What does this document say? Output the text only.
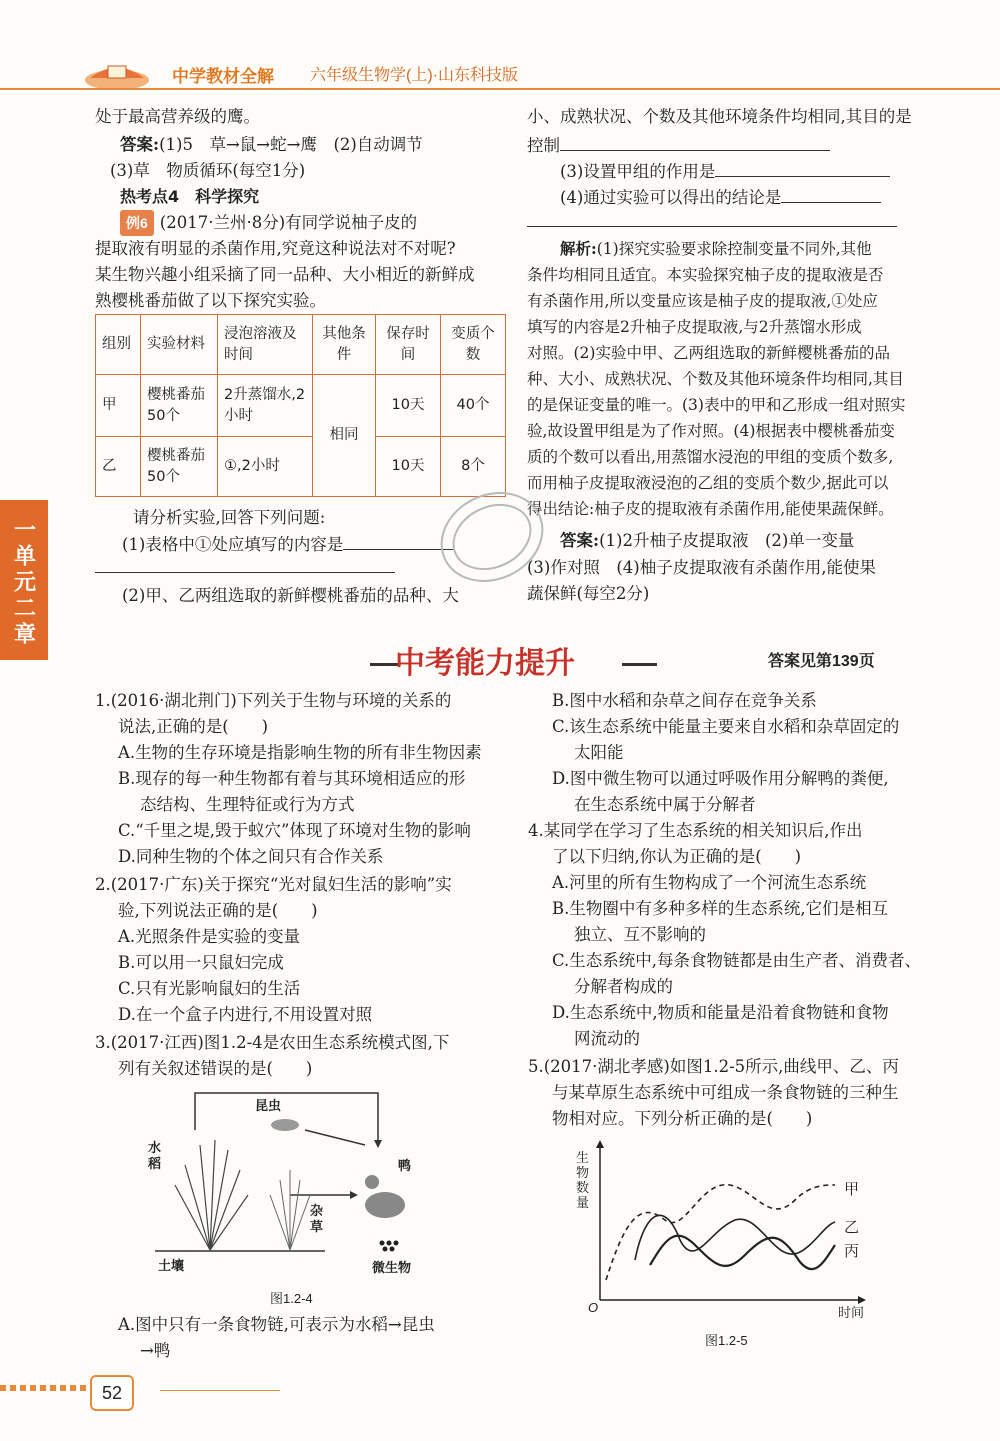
中学教材全解 六年级生物学(上)·山东科技版
处于最高营养级的鹰。
答案:(1)5　草→鼠→蛇→鹰　(2)自动调节
(3)草　物质循环(每空1分)
热考点4　科学探究
例6 (2017·兰州·8分)有同学说柚子皮的
提取液有明显的杀菌作用,究竟这种说法对不对呢?
某生物兴趣小组采摘了同一品种、大小相近的新鲜成
熟樱桃番茄做了以下探究实验。
组别	实验材料	浸泡溶液及时间	其他条件	保存时间	变质个数
甲	樱桃番茄50个	2升蒸馏水,2小时	相同	10天	40个
乙	樱桃番茄50个	①,2小时		10天	8个
请分析实验,回答下列问题:
(1)表格中①处应填写的内容是
(2)甲、乙两组选取的新鲜樱桃番茄的品种、大
小、成熟状况、个数及其他环境条件均相同,其目的是
控制
(3)设置甲组的作用是
(4)通过实验可以得出的结论是
解析:(1)探究实验要求除控制变量不同外,其他
条件均相同且适宜。本实验探究柚子皮的提取液是否
有杀菌作用,所以变量应该是柚子皮的提取液,①处应
填写的内容是2升柚子皮提取液,与2升蒸馏水形成
对照。(2)实验中甲、乙两组选取的新鲜樱桃番茄的品
种、大小、成熟状况、个数及其他环境条件均相同,其目
的是保证变量的唯一。(3)表中的甲和乙形成一组对照实
验,故设置甲组是为了作对照。(4)根据表中樱桃番茄变
质的个数可以看出,用蒸馏水浸泡的甲组的变质个数多,
而用柚子皮提取液浸泡的乙组的变质个数少,据此可以
得出结论:柚子皮的提取液有杀菌作用,能使果蔬保鲜。
答案:(1)2升柚子皮提取液　(2)单一变量
(3)作对照　(4)柚子皮提取液有杀菌作用,能使果
蔬保鲜(每空2分)
一单元二章
中考能力提升	答案见第139页
1.(2016·湖北荆门)下列关于生物与环境的关系的
说法,正确的是(　　)
A.生物的生存环境是指影响生物的所有非生物因素
B.现存的每一种生物都有着与其环境相适应的形
态结构、生理特征或行为方式
C.“千里之堤,毁于蚁穴”体现了环境对生物的影响
D.同种生物的个体之间只有合作关系
2.(2017·广东)关于探究“光对鼠妇生活的影响”实
验,下列说法正确的是(　　)
A.光照条件是实验的变量
B.可以用一只鼠妇完成
C.只有光影响鼠妇的生活
D.在一个盒子内进行,不用设置对照
3.(2017·江西)图1.2-4是农田生态系统模式图,下
列有关叙述错误的是(　　)
昆虫
水稻	鸭
杂草
土壤	微生物
图1.2-4
A.图中只有一条食物链,可表示为水稻→昆虫
→鸭
B.图中水稻和杂草之间存在竞争关系
C.该生态系统中能量主要来自水稻和杂草固定的
太阳能
D.图中微生物可以通过呼吸作用分解鸭的粪便,
在生态系统中属于分解者
4.某同学在学习了生态系统的相关知识后,作出
了以下归纳,你认为正确的是(　　)
A.河里的所有生物构成了一个河流生态系统
B.生物圈中有多种多样的生态系统,它们是相互
独立、互不影响的
C.生态系统中,每条食物链都是由生产者、消费者、
分解者构成的
D.生态系统中,物质和能量是沿着食物链和食物
网流动的
5.(2017·湖北孝感)如图1.2-5所示,曲线甲、乙、丙
与某草原生态系统中可组成一条食物链的三种生
物相对应。下列分析正确的是(　　)
生物数量
时间
O
甲
乙
丙
图1.2-5
52
